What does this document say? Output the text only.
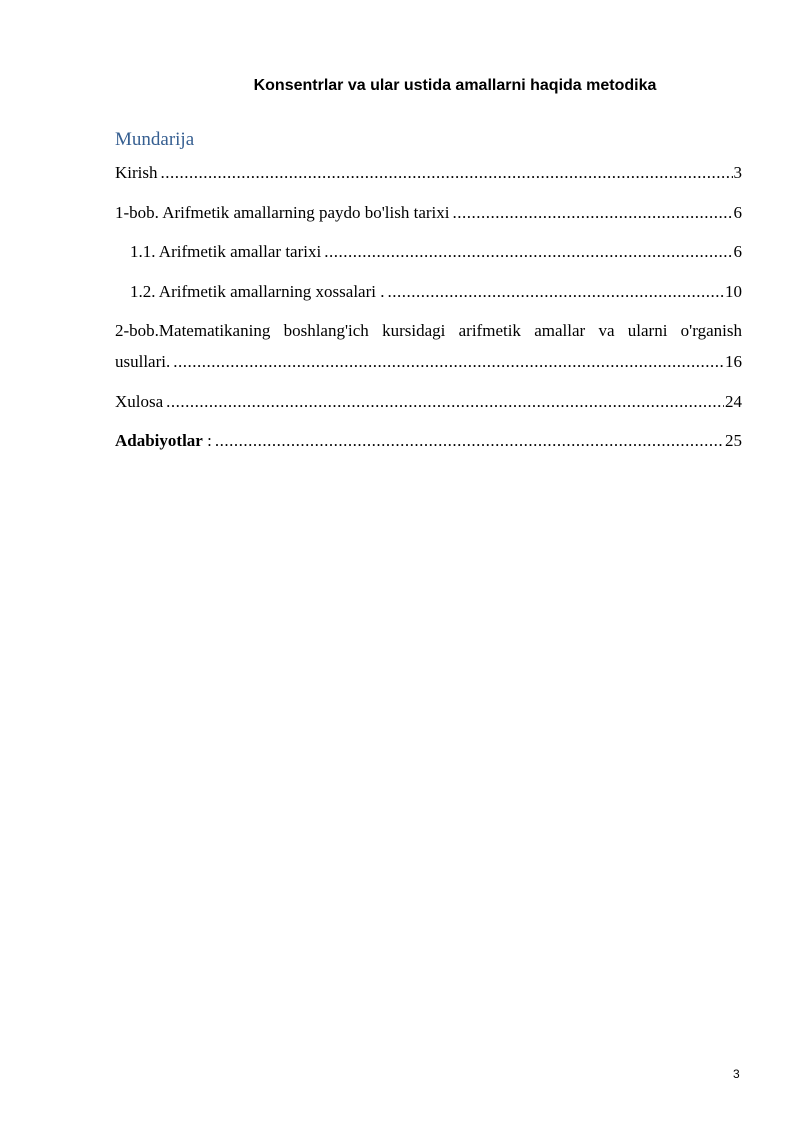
Konsentrlar va ular ustida amallarni haqida metodika
Mundarija
Kirish .....	3
1-bob. Arifmetik amallarning paydo bo'lish tarixi .....	6
1.1. Arifmetik amallar tarixi .....	6
1.2. Arifmetik amallarning xossalari . .....	10
2-bob.Matematikaning boshlang'ich kursidagi arifmetik amallar va ularni o'rganish
usullari. .....	16
Xulosa .....	24
Adabiyotlar : .....	25
3
